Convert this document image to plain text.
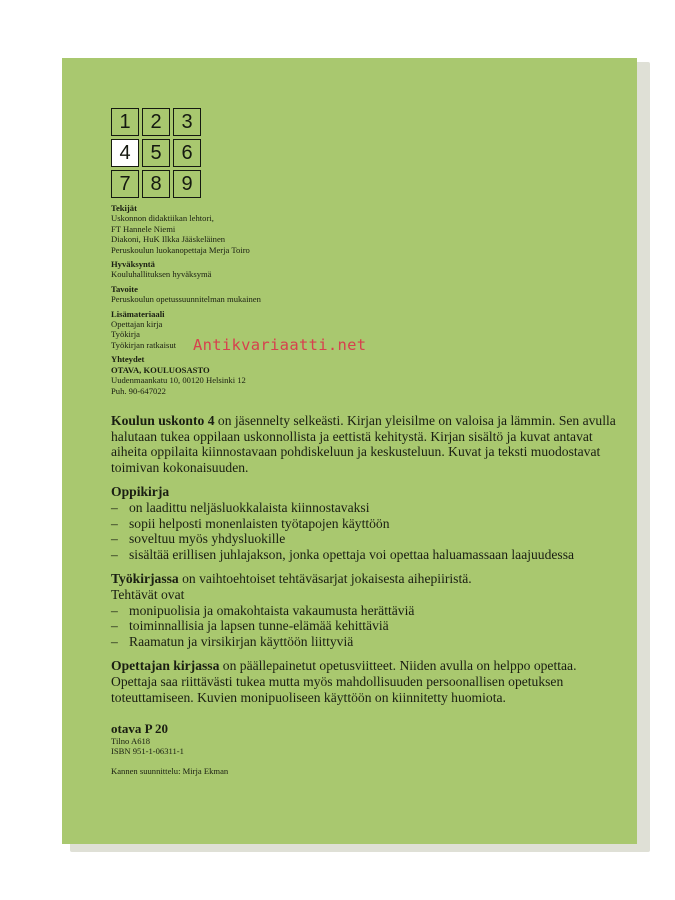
1 2 3
4 5 6
7 8 9
Tekijät
Uskonnon didaktiikan lehtori,
FT Hannele Niemi
Diakoni, HuK Ilkka Jääskeläinen
Peruskoulun luokanopettaja Merja Toiro
Hyväksyntä
Kouluhallituksen hyväksymä
Tavoite
Peruskoulun opetussuunnitelman mukainen
Lisämateriaali
Opettajan kirja
Työkirja
Työkirjan ratkaisut
Yhteydet
OTAVA, KOULUOSASTO
Uudenmaankatu 10, 00120 Helsinki 12
Puh. 90-647022

Koulun uskonto 4 on jäsennelty selkeästi. Kirjan yleisilme on valoisa ja lämmin. Sen avulla halutaan tukea oppilaan uskonnollista ja eettistä kehitystä. Kirjan sisältö ja kuvat antavat aiheita oppilaita kiinnostavaan pohdiskeluun ja keskusteluun. Kuvat ja teksti muodostavat toimivan kokonaisuuden.

Oppikirja
– on laadittu neljäsluokkalaista kiinnostavaksi
– sopii helposti monenlaisten työtapojen käyttöön
– soveltuu myös yhdysluokille
– sisältää erillisen juhlajakson, jonka opettaja voi opettaa haluamassaan laajuudessa

Työkirjassa on vaihtoehtoiset tehtäväsarjat jokaisesta aihepiiristä.

Tehtävät ovat
– monipuolisia ja omakohtaista vakaumusta herättäviä
– toiminnallisia ja lapsen tunne-elämää kehittäviä
– Raamatun ja virsikirjan käyttöön liittyviä

Opettajan kirjassa on päällepainetut opetusviitteet. Niiden avulla on helppo opettaa. Opettaja saa riittävästi tukea mutta myös mahdollisuuden persoonallisen opetuksen toteuttamiseen. Kuvien monipuoliseen käyttöön on kiinnitetty huomiota.

otava P 20
Tilno A618
ISBN 951-1-06311-1
Kannen suunnittelu: Mirja Ekman
Antikvariaatti.net
